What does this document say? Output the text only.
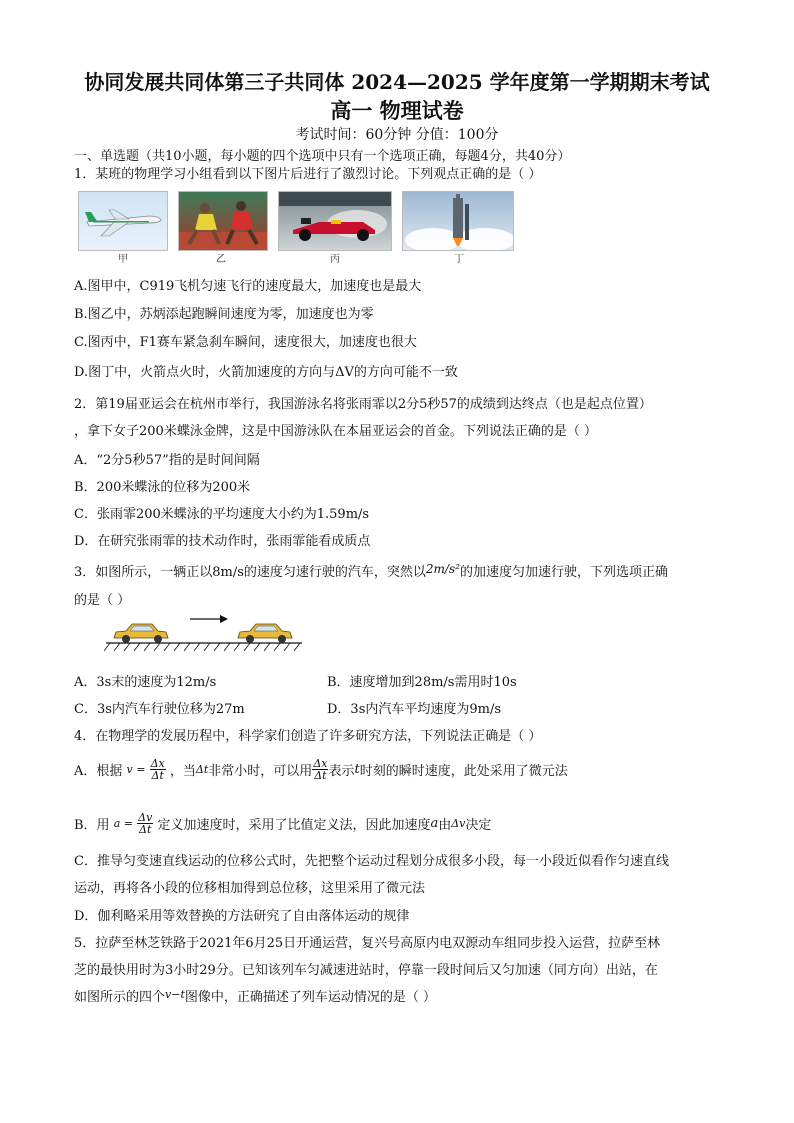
协同发展共同体第三子共同体 2024—2025 学年度第一学期期末考试
高一 物理试卷
考试时间：60分钟 分值：100分
一、单选题（共10小题，每小题的四个选项中只有一个选项正确，每题4分，共40分）
1．某班的物理学习小组看到以下图片后进行了激烈讨论。下列观点正确的是（ ）
甲	乙	丙	丁
A.图甲中，C919飞机匀速飞行的速度最大，加速度也是最大
B.图乙中，苏炳添起跑瞬间速度为零，加速度也为零
C.图丙中，F1赛车紧急刹车瞬间，速度很大，加速度也很大
D.图丁中，火箭点火时，火箭加速度的方向与ΔV的方向可能不一致
2．第19届亚运会在杭州市举行，我国游泳名将张雨霏以2分5秒57的成绩到达终点（也是起点位置）
，拿下女子200米蝶泳金牌，这是中国游泳队在本届亚运会的首金。下列说法正确的是（ ）
A．“2分5秒57”指的是时间间隔
B．200米蝶泳的位移为200米
C．张雨霏200米蝶泳的平均速度大小约为1.59m/s
D．在研究张雨霏的技术动作时，张雨霏能看成质点
3．如图所示，一辆正以8m/s的速度匀速行驶的汽车，突然以2m/s²的加速度匀加速行驶，下列选项正确
的是（ ）
A．3s末的速度为12m/s	B．速度增加到28m/s需用时10s
C．3s内汽车行驶位移为27m	D．3s内汽车平均速度为9m/s
4．在物理学的发展历程中，科学家们创造了许多研究方法，下列说法正确是（ ）
A．根据 $v = \frac{\Delta x}{\Delta t}$ ，当Δt非常小时，可以用 $\frac{\Delta x}{\Delta t}$ 表示t时刻的瞬时速度，此处采用了微元法
B．用 $a = \frac{\Delta v}{\Delta t}$ 定义加速度时，采用了比值定义法，因此加速度a由Δv决定
C．推导匀变速直线运动的位移公式时，先把整个运动过程划分成很多小段，每一小段近似看作匀速直线
运动，再将各小段的位移相加得到总位移，这里采用了微元法
D．伽利略采用等效替换的方法研究了自由落体运动的规律
5．拉萨至林芝铁路于2021年6月25日开通运营，复兴号高原内电双源动车组同步投入运营，拉萨至林
芝的最快用时为3小时29分。已知该列车匀减速进站时，停靠一段时间后又匀加速（同方向）出站，在
如图所示的四个$^{v-t}$图像中，正确描述了列车运动情况的是（ ）
